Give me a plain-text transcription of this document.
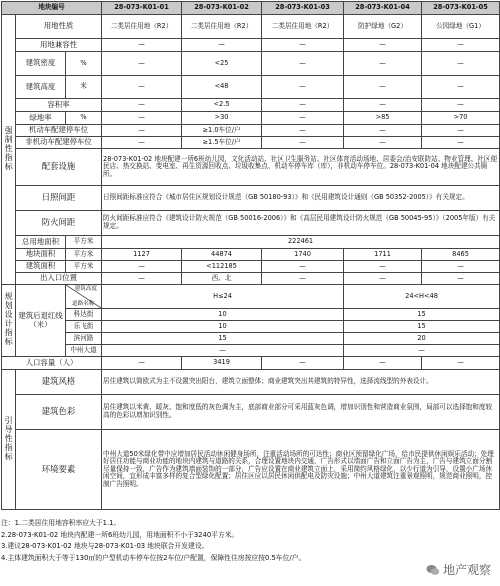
地块编号			28-073-K01-01	28-073-K01-02	28-073-K01-03	28-073-K01-04	28-073-K01-05
强制性指标	用地性质		二类居住用地（R2）	二类居住用地（R2）	二类居住用地（R2）	防护绿地（G2）	公园绿地（G1）
	用地兼容性		—	—	—	—	—
	建筑密度	%	—	<25	—	—	—
	建筑高度	米	—	<48	—	—	—
	容积率		—	<2.5	—	—	—
	绿地率	%	—	>30	—	>85	>70
	机动车配建停车位		—	≥1.0车位/户	—	—	—
	非机动车配建停车位		—	≥1.5车位/户	—	—	—
	配套设施		28-073-K01-02 地块配建一所6班幼儿园，文化活动站、社区卫生服务站、社区体育活动场地、居委会/治安联防站、物业管理、社区便民店、热交换站、变电室、再生资源回收点、垃圾收集点、机动车停车库（库），非机动车停车位。28-073-K01-04 地块配建公共厕所。				
	日照间距		日照间距标准应符合《城市居住区规划设计规范（GB 50180-93）》和《民用建筑设计通则（GB 50352-2005）》有关规定。				
	防火间距		防火间距标准应符合《建筑设计防火规范（GB 50016-2006）》和《高层民用建筑设计防火规范（GB 50045-95）》（2005年版）有关规定。				
	总用地面积	平方米	222461				
	地块面积	平方米	1127	44874	1740	1711	8465
	建筑面积	平方米	—	<112185	—	—	—
	出入口位置		—	西、北	—	—	—
规划设计指标	建筑后退红线（米）	建筑高度
道路名称	H≤24			24<H<48	
		科达街	10			15	
		乐飞街	10			15	
		滨河路	15			20	
		中州大道	—			—	
人口容量（人）			—	3419	—	—	—
引导性指标	建筑风格		居住建筑以简欧式为主不设置突出阳台，建筑立面整体；商业建筑突出其建筑的特异性，选择流线型的外表设计。				
	建筑色彩		居住建筑以米黄、暖灰、饱和度低的灰色调为主，底部商业部分可采用蓝灰色调，增加识别性和营造商业氛围，局部可以选择饱和度较高的色彩以增加识别性。				
	环境要素		中州大道50米绿化带中应增加居民活动休闲健身场所，注重活动场所的可达性；商业区预留绿化广场，给市民提供休闲娱乐活动；处理好居住功能与商业功能的地块内建筑与道路的关系，合理设置地块内交通，广告形式以墙面广告和立面广告为主，广告与建筑立面分割尽量保持一致，广告作为建筑墙面装饰的一部分，广告应设置在商业建筑立面上，采用简约风格绿化，以少行道为引导，设置小广场休闲空间，宜形成丰富多样的复合型绿化配置；居住区应以居民休闲供配电及防灾设施；中州大道建筑注重景观照明，规范商业照明，控制广告照明。				
注：1.二类居住用地容积率应大于1.1。
2.28-073-K01-02 地块内配建一所6班幼儿园，用地面积不小于3240平方米。
3.建议28-073-K01-02 地块与28-073-K01-03 地块联合开发建设。
4.主体建筑面积大于等于130㎡的户型机动车停车位按2车位/户配置，保障性住房按应按0.5车位/户。
地产观察
